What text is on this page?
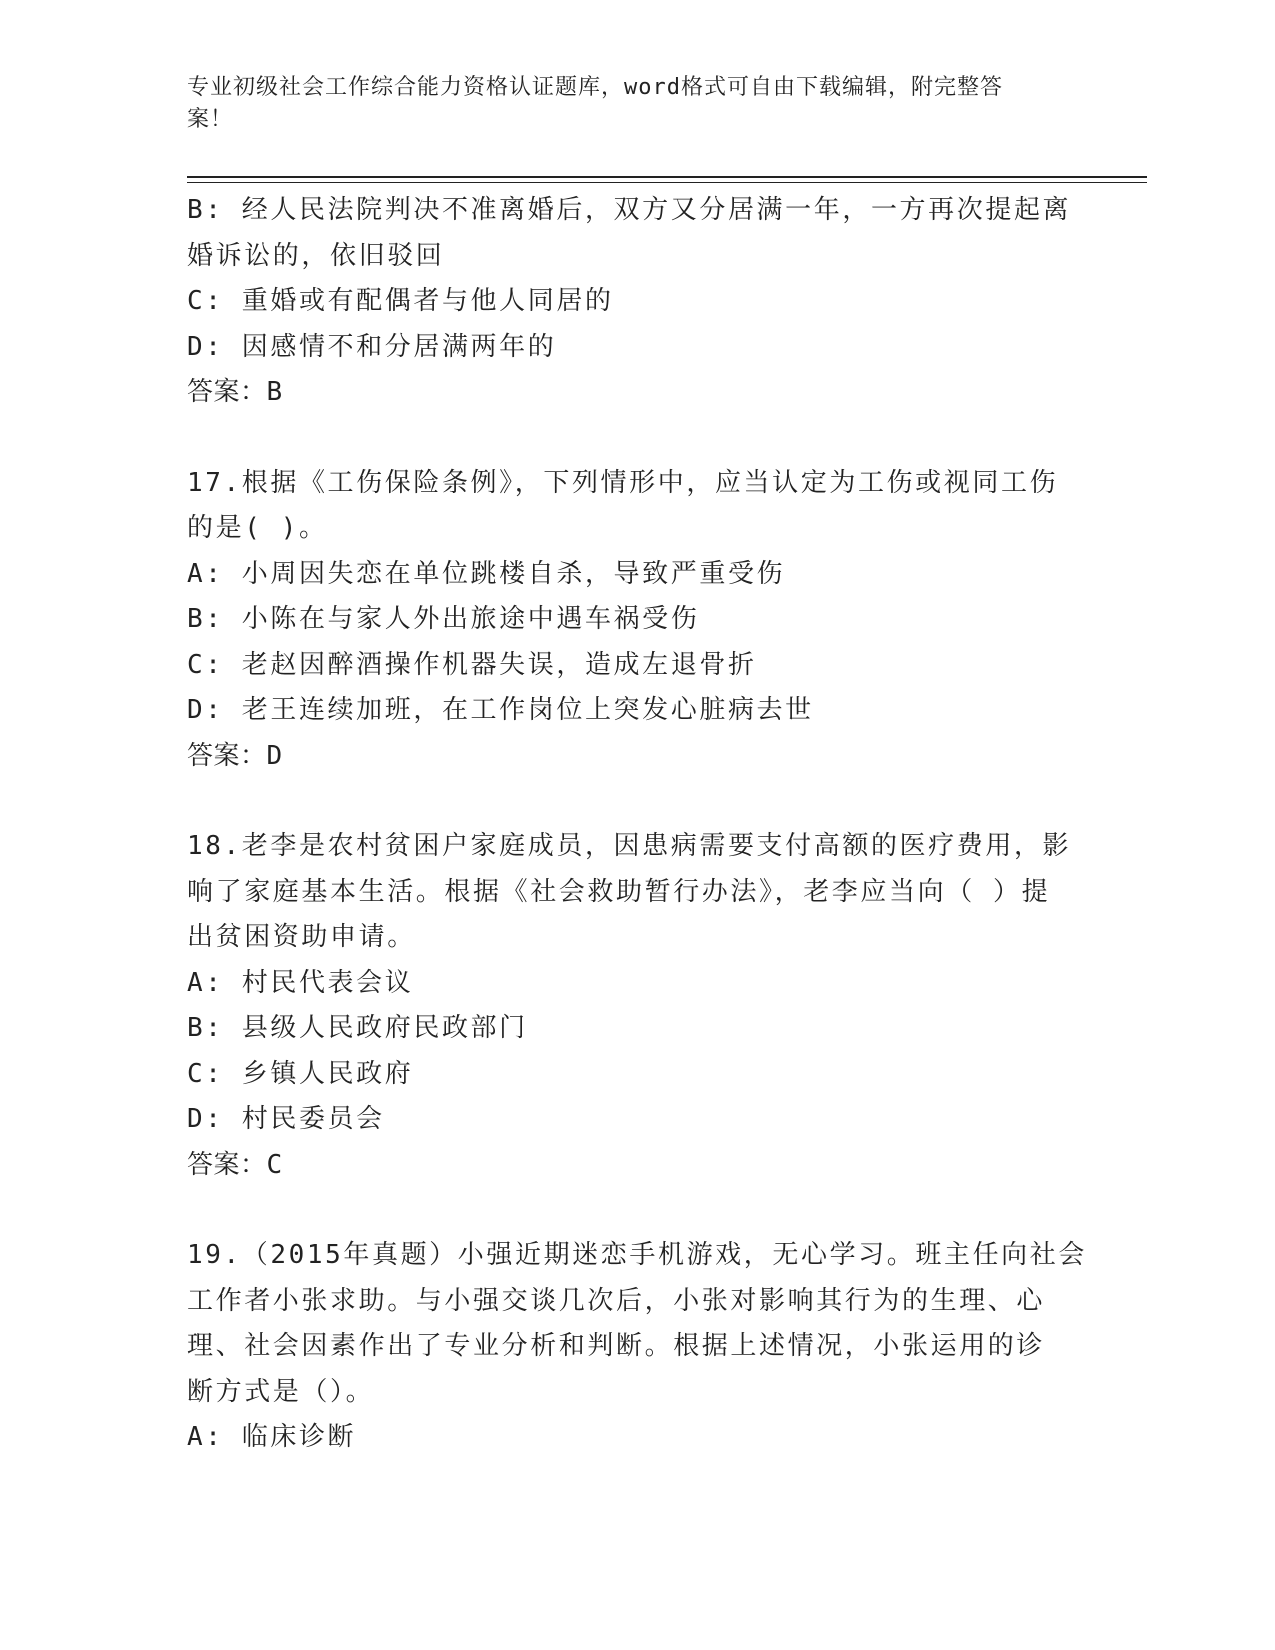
专业初级社会工作综合能力资格认证题库，word格式可自由下载编辑，附完整答
案！
B: 经人民法院判决不准离婚后，双方又分居满一年，一方再次提起离
婚诉讼的，依旧驳回
C: 重婚或有配偶者与他人同居的
D: 因感情不和分居满两年的
答案：B
17.根据《工伤保险条例》，下列情形中，应当认定为工伤或视同工伤
的是( )。
A: 小周因失恋在单位跳楼自杀，导致严重受伤
B: 小陈在与家人外出旅途中遇车祸受伤
C: 老赵因醉酒操作机器失误，造成左退骨折
D: 老王连续加班，在工作岗位上突发心脏病去世
答案：D
18.老李是农村贫困户家庭成员，因患病需要支付高额的医疗费用，影
响了家庭基本生活。根据《社会救助暂行办法》，老李应当向（ ）提
出贫困资助申请。
A: 村民代表会议
B: 县级人民政府民政部门
C: 乡镇人民政府
D: 村民委员会
答案：C
19.（2015年真题）小强近期迷恋手机游戏，无心学习。班主任向社会
工作者小张求助。与小强交谈几次后，小张对影响其行为的生理、心
理、社会因素作出了专业分析和判断。根据上述情况，小张运用的诊
断方式是（）。
A: 临床诊断
